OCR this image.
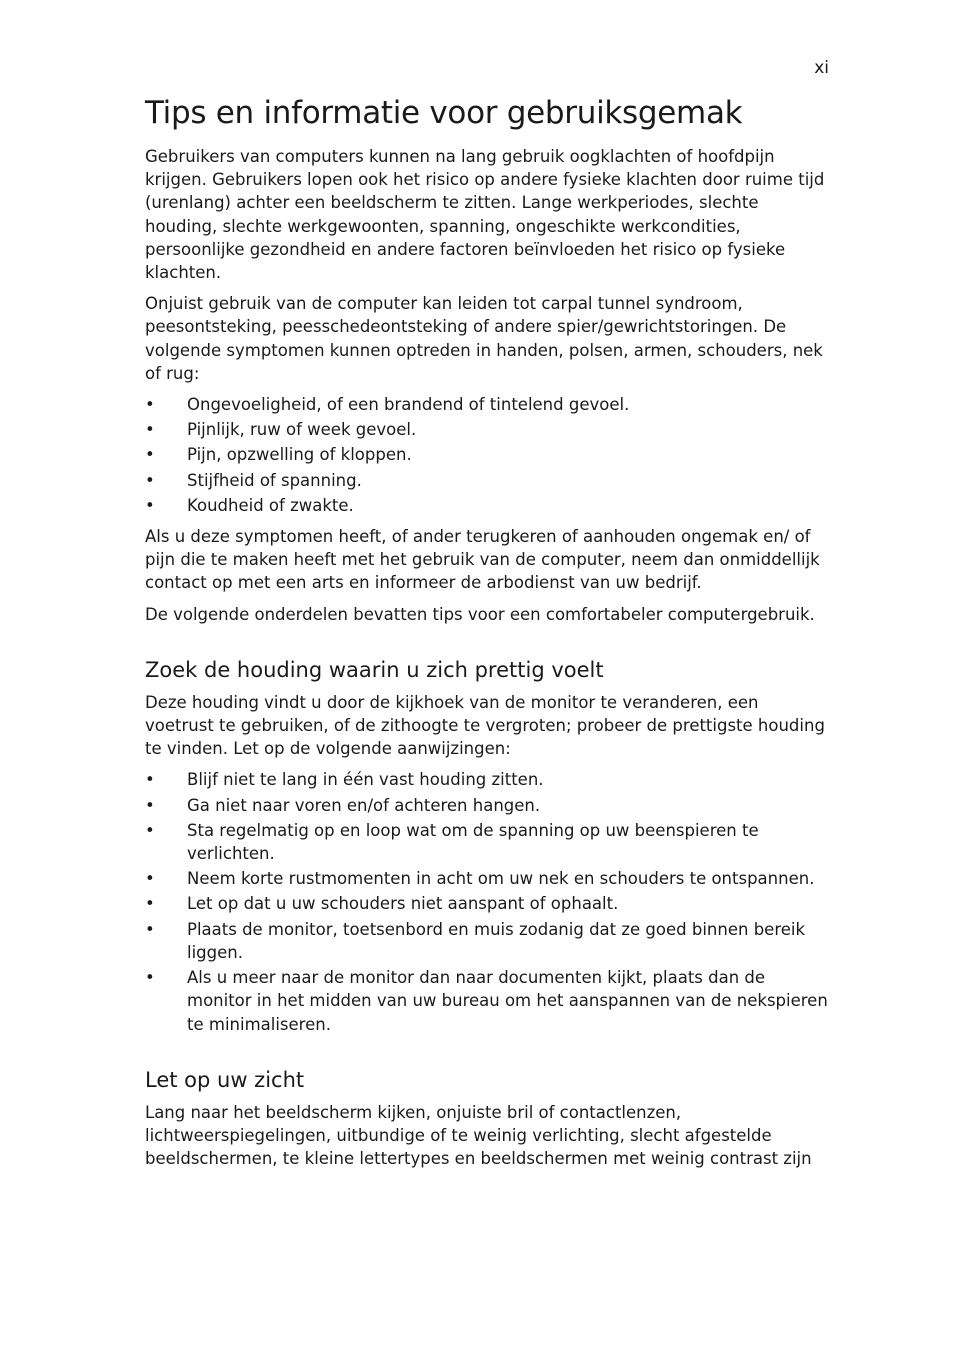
xi
Tips en informatie voor gebruiksgemak

Gebruikers van computers kunnen na lang gebruik oogklachten of hoofdpijn krijgen. Gebruikers lopen ook het risico op andere fysieke klachten door ruime tijd (urenlang) achter een beeldscherm te zitten. Lange werkperiodes, slechte houding, slechte werkgewoonten, spanning, ongeschikte werkcondities, persoonlijke gezondheid en andere factoren beïnvloeden het risico op fysieke klachten.

Onjuist gebruik van de computer kan leiden tot carpal tunnel syndroom, peesontsteking, peesschedeontsteking of andere spier/gewrichtstoringen. De volgende symptomen kunnen optreden in handen, polsen, armen, schouders, nek of rug:

• Ongevoeligheid, of een brandend of tintelend gevoel.
• Pijnlijk, ruw of week gevoel.
• Pijn, opzwelling of kloppen.
• Stijfheid of spanning.
• Koudheid of zwakte.

Als u deze symptomen heeft, of ander terugkeren of aanhouden ongemak en/ of pijn die te maken heeft met het gebruik van de computer, neem dan onmiddellijk contact op met een arts en informeer de arbodienst van uw bedrijf.

De volgende onderdelen bevatten tips voor een comfortabeler computergebruik.

Zoek de houding waarin u zich prettig voelt

Deze houding vindt u door de kijkhoek van de monitor te veranderen, een voetrust te gebruiken, of de zithoogte te vergroten; probeer de prettigste houding te vinden. Let op de volgende aanwijzingen:

• Blijf niet te lang in één vast houding zitten.
• Ga niet naar voren en/of achteren hangen.
• Sta regelmatig op en loop wat om de spanning op uw beenspieren te verlichten.
• Neem korte rustmomenten in acht om uw nek en schouders te ontspannen.
• Let op dat u uw schouders niet aanspant of ophaalt.
• Plaats de monitor, toetsenbord en muis zodanig dat ze goed binnen bereik liggen.
• Als u meer naar de monitor dan naar documenten kijkt, plaats dan de monitor in het midden van uw bureau om het aanspannen van de nekspieren te minimaliseren.
Let op uw zicht

Lang naar het beeldscherm kijken, onjuiste bril of contactlenzen, lichtweerspiegelingen, uitbundige of te weinig verlichting, slecht afgestelde beeldschermen, te kleine lettertypes en beeldschermen met weinig contrast zijn
